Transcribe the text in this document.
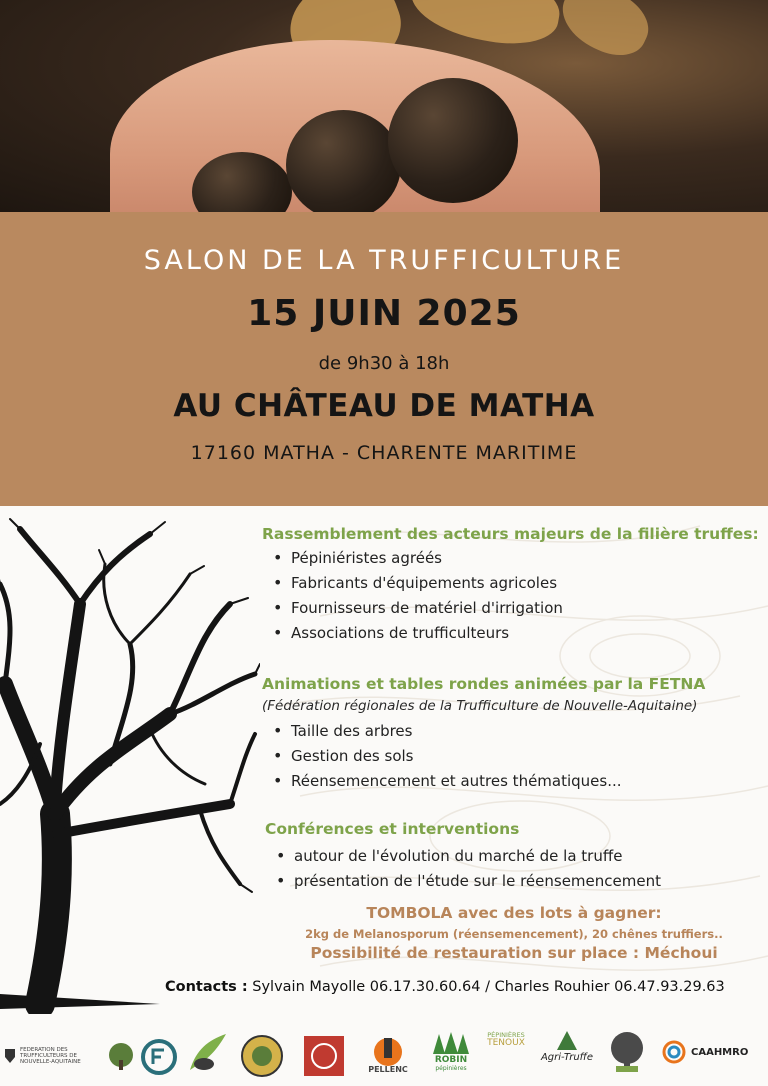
SALON DE LA TRUFFICULTURE
15 JUIN 2025
de 9h30 à 18h
AU CHÂTEAU DE MATHA
17160 MATHA - CHARENTE MARITIME
Rassemblement des acteurs majeurs de la filière truffes:
• Pépiniéristes agréés
• Fabricants d'équipements agricoles
• Fournisseurs de matériel d'irrigation
• Associations de trufficulteurs
Animations et tables rondes animées par la FETNA
(Fédération régionales de la Trufficulture de Nouvelle-Aquitaine)
• Taille des arbres
• Gestion des sols
• Réensemencement et autres thématiques...
Conférences et interventions
• autour de l'évolution du marché de la truffe
• présentation de l'étude sur le réensemencement
TOMBOLA avec des lots à gagner:
2kg de Melanosporum (réensemencement), 20 chênes truffiers..
Possibilité de restauration sur place : Méchoui
Contacts : Sylvain Mayolle 06.17.30.60.64 / Charles Rouhier 06.47.93.29.63
FEDERATION DES TRUFFICULTEURS DE NOUVELLE-AQUITAINE
PELLENC
ROBIN
pépinières
PÉPINIÈRES
TENOUX
Agri-Truffe	CAAHMRO
